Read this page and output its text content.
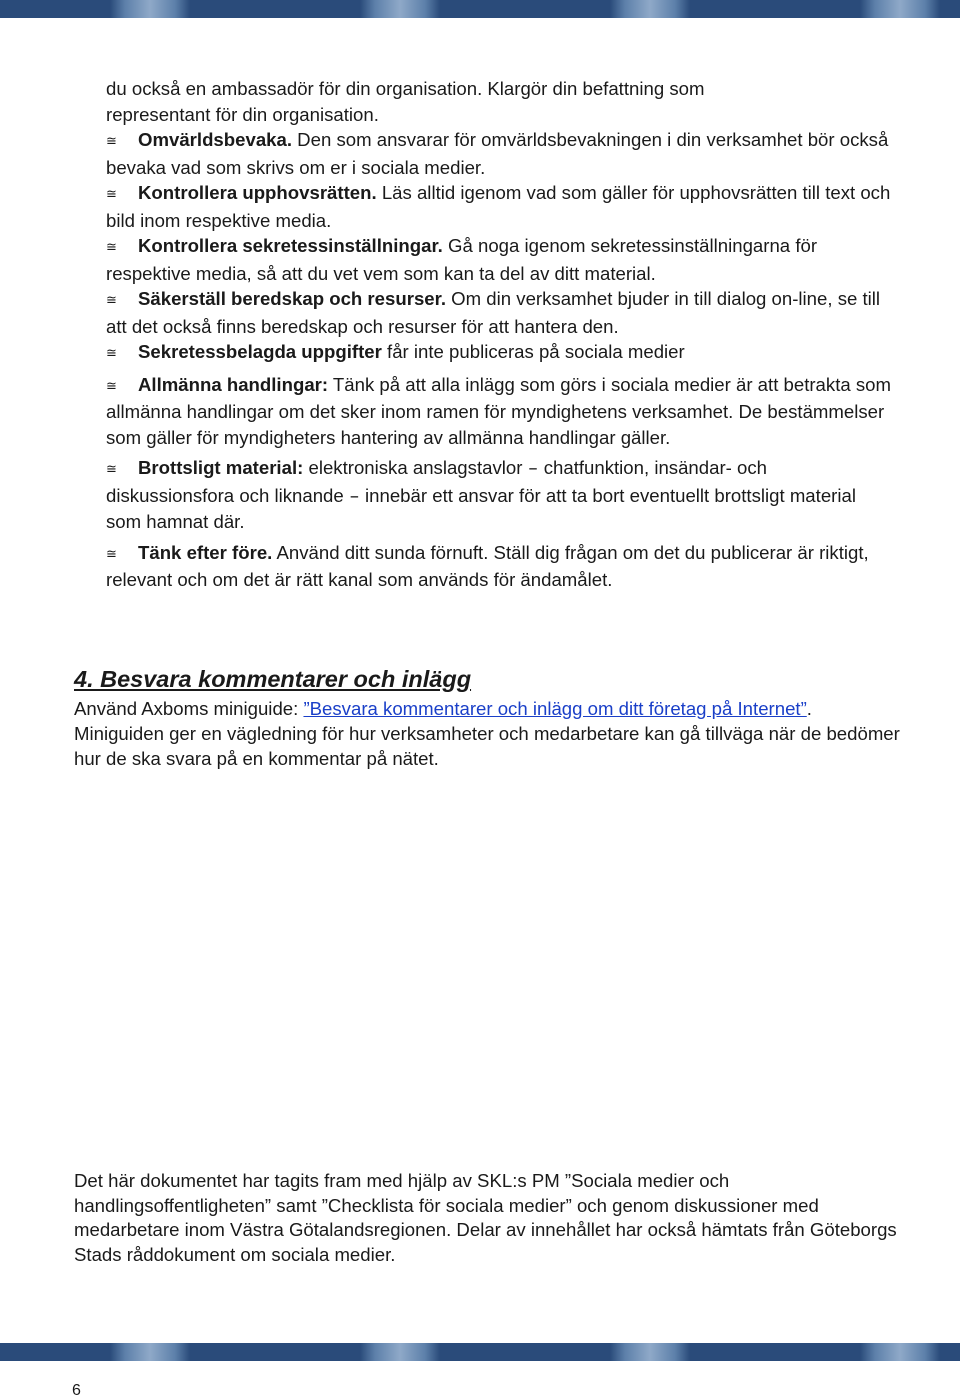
du också en ambassadör för din organisation. Klargör din befattning som

representant för din organisation.

≅ Omvärldsbevaka. Den som ansvarar för omvärldsbevakningen i din verksamhet bör också bevaka vad som skrivs om er i sociala medier.

≅ Kontrollera upphovsrätten. Läs alltid igenom vad som gäller för upphovsrätten till text och bild inom respektive media.

≅ Kontrollera sekretessinställningar. Gå noga igenom sekretessinställningarna för respektive media, så att du vet vem som kan ta del av ditt material.

≅ Säkerställ beredskap och resurser. Om din verksamhet bjuder in till dialog on-line, se till att det också finns beredskap och resurser för att hantera den.

≅ Sekretessbelagda uppgifter får inte publiceras på sociala medier

≅ Allmänna handlingar: Tänk på att alla inlägg som görs i sociala medier är att betrakta som allmänna handlingar om det sker inom ramen för myndighetens verksamhet. De bestämmelser som gäller för myndigheters hantering av allmänna handlingar gäller.

≅ Brottsligt material: elektroniska anslagstavlor – chatfunktion, insändar- och diskussionsfora och liknande – innebär ett ansvar för att ta bort eventuellt brottsligt material som hamnat där.

≅ Tänk efter före. Använd ditt sunda förnuft. Ställ dig frågan om det du publicerar är riktigt, relevant och om det är rätt kanal som används för ändamålet.

4. Besvara kommentarer och inlägg

Använd Axboms miniguide: ”Besvara kommentarer och inlägg om ditt företag på Internet”. Miniguiden ger en vägledning för hur verksamheter och medarbetare kan gå tillväga när de bedömer hur de ska svara på en kommentar på nätet.

Det här dokumentet har tagits fram med hjälp av SKL:s PM ”Sociala medier och handlingsoffentligheten” samt ”Checklista för sociala medier” och genom diskussioner med medarbetare inom Västra Götalandsregionen. Delar av innehållet har också hämtats från Göteborgs Stads råddokument om sociala medier.

6
